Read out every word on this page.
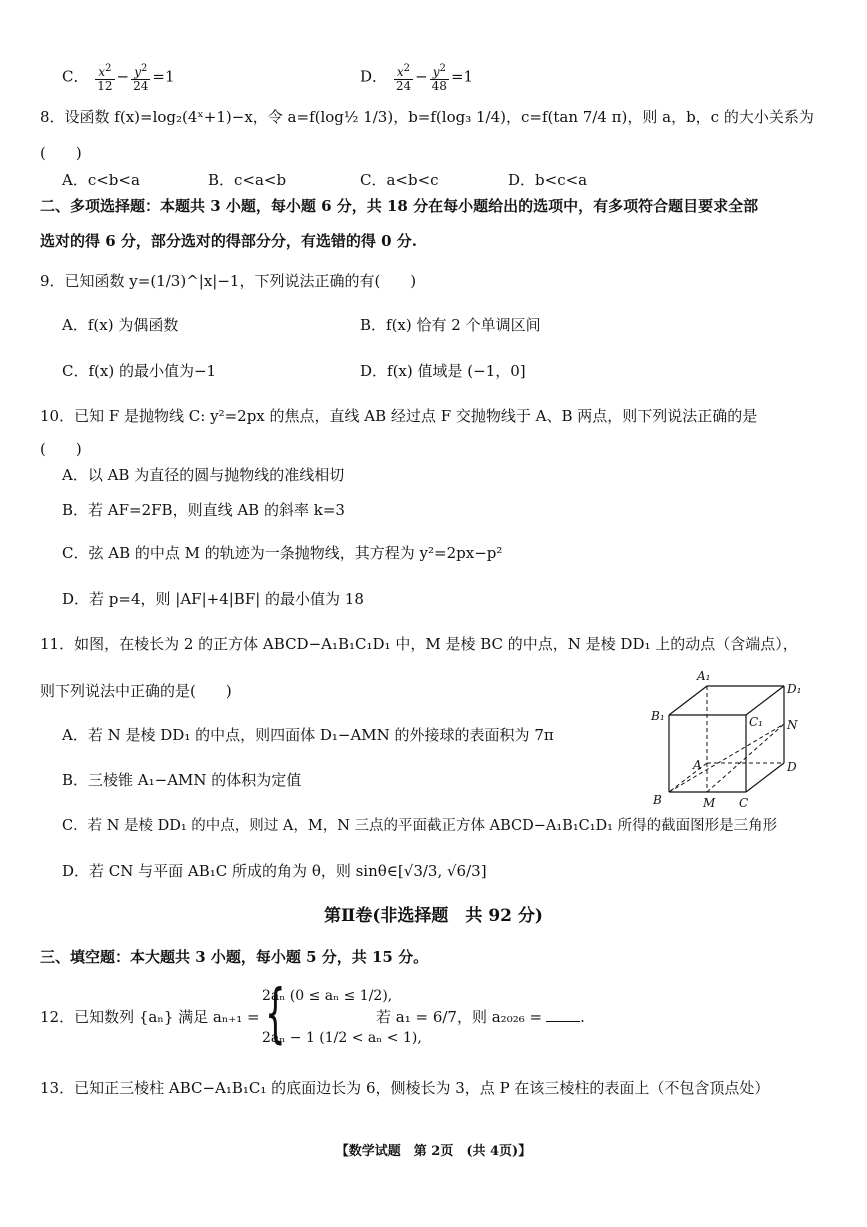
C． $\frac{x^2}{12} - \frac{y^2}{24} =1$	D． $\frac{x^2}{24} - \frac{y^2}{48} =1$
8．设函数 f(x)=log₂(4ˣ+1)−x，令 a=f(log½ 1/3)，b=f(log₃ 1/4)，c=f(tan 7/4 π)，则 a，b，c 的大小关系为
(　　)
A．c<b<a	B．c<a<b	C．a<b<c	D．b<c<a
二、多项选择题：本题共 3 小题，每小题 6 分，共 18 分在每小题给出的选项中，有多项符合题目要求全部
选对的得 6 分，部分选对的得部分分，有选错的得 0 分.
9．已知函数 y=(1/3)^|x|−1，下列说法正确的有(　　)
A．f(x) 为偶函数	B．f(x) 恰有 2 个单调区间
C．f(x) 的最小值为−1	D．f(x) 值域是 (−1，0]
10．已知 F 是抛物线 C: y²=2px 的焦点，直线 AB 经过点 F 交抛物线于 A、B 两点，则下列说法正确的是
(　　)
A．以 AB 为直径的圆与抛物线的准线相切
B．若 AF=2FB，则直线 AB 的斜率 k=3
C．弦 AB 的中点 M 的轨迹为一条抛物线，其方程为 y²=2px−p²
D．若 p=4，则 |AF|+4|BF| 的最小值为 18
11．如图，在棱长为 2 的正方体 ABCD−A₁B₁C₁D₁ 中，M 是棱 BC 的中点，N 是棱 DD₁ 上的动点（含端点），
则下列说法中正确的是(　　)
A．若 N 是棱 DD₁ 的中点，则四面体 D₁−AMN 的外接球的表面积为 7π
B．三棱锥 A₁−AMN 的体积为定值
C．若 N 是棱 DD₁ 的中点，则过 A，M，N 三点的平面截正方体 ABCD−A₁B₁C₁D₁ 所得的截面图形是三角形
D．若 CN 与平面 AB₁C 所成的角为 θ，则 sinθ∈[√3/3, √6/3]
A₁
D₁
B₁	C₁ N
A	D
B	M C
第Ⅱ卷(非选择题　共 92 分)
三、填空题：本大题共 3 小题，每小题 5 分，共 15 分。
12．已知数列 {aₙ} 满足 aₙ₊₁ = {
2aₙ (0 ≤ aₙ ≤ 1/2),
2aₙ − 1 (1/2 < aₙ < 1),
若 a₁ = 6/7，则 a₂₀₂₆ =	.
13．已知正三棱柱 ABC−A₁B₁C₁ 的底面边长为 6，侧棱长为 3，点 P 在该三棱柱的表面上（不包含顶点处）
【数学试题　第 2页　(共 4页)】
